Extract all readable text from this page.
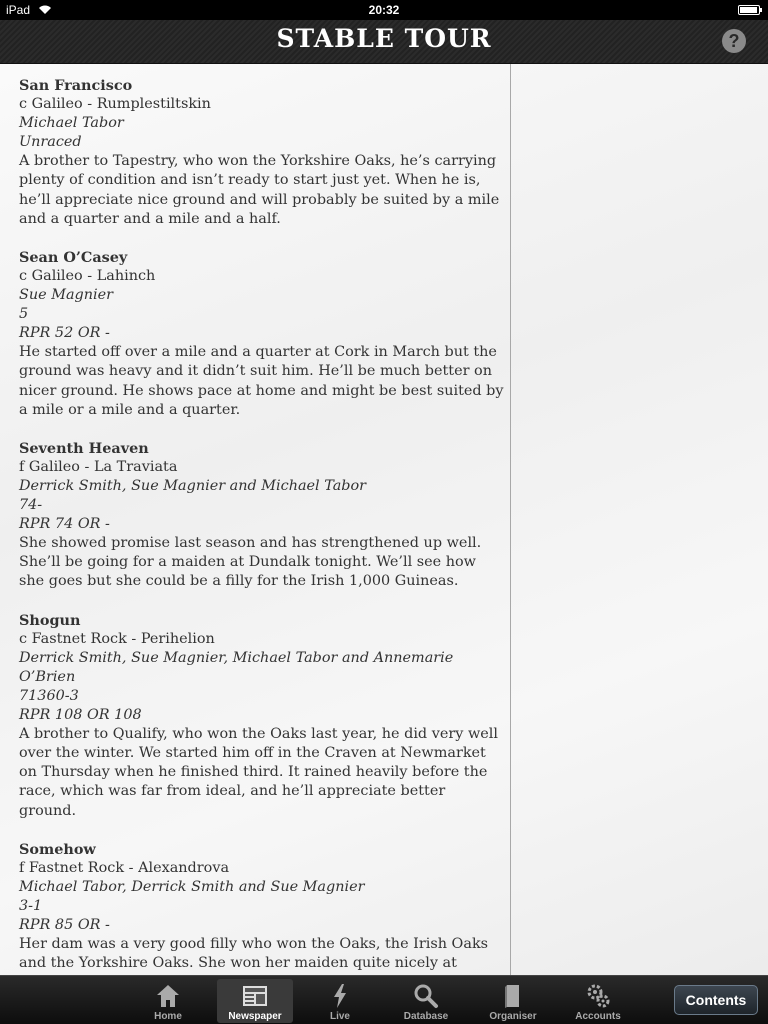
iPad	20:32
STABLE TOUR	?
San Francisco
c Galileo - Rumplestiltskin
Michael Tabor
Unraced
A brother to Tapestry, who won the Yorkshire Oaks, he’s carrying plenty of condition and isn’t ready to start just yet. When he is, he’ll appreciate nice ground and will probably be suited by a mile and a quarter and a mile and a half.
Sean O’Casey
c Galileo - Lahinch
Sue Magnier
5
RPR 52 OR -
He started off over a mile and a quarter at Cork in March but the ground was heavy and it didn’t suit him. He’ll be much better on nicer ground. He shows pace at home and might be best suited by a mile or a mile and a quarter.
Seventh Heaven
f Galileo - La Traviata
Derrick Smith, Sue Magnier and Michael Tabor
74-
RPR 74 OR -
She showed promise last season and has strengthened up well. She’ll be going for a maiden at Dundalk tonight. We’ll see how she goes but she could be a filly for the Irish 1,000 Guineas.
Shogun
c Fastnet Rock - Perihelion
Derrick Smith, Sue Magnier, Michael Tabor and Annemarie O’Brien
71360-3
RPR 108 OR 108
A brother to Qualify, who won the Oaks last year, he did very well over the winter. We started him off in the Craven at Newmarket on Thursday when he finished third. It rained heavily before the race, which was far from ideal, and he’ll appreciate better ground.
Somehow
f Fastnet Rock - Alexandrova
Michael Tabor, Derrick Smith and Sue Magnier
3-1
RPR 85 OR -
Her dam was a very good filly who won the Oaks, the Irish Oaks and the Yorkshire Oaks. She won her maiden quite nicely at
Home	Newspaper	Live	Database	Organiser	Accounts
Contents
